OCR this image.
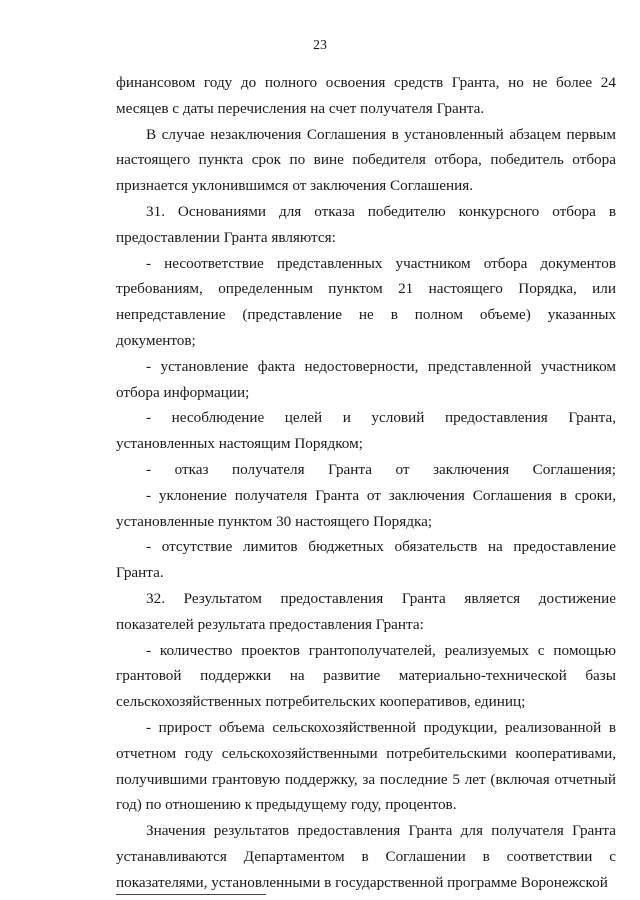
23

финансовом году до полного освоения средств Гранта, но не более 24 месяцев с даты перечисления на счет получателя Гранта.

В случае незаключения Соглашения в установленный абзацем первым настоящего пункта срок по вине победителя отбора, победитель отбора признается уклонившимся от заключения Соглашения.

31. Основаниями для отказа победителю конкурсного отбора в предоставлении Гранта являются:

- несоответствие представленных участником отбора документов требованиям, определенным пунктом 21 настоящего Порядка, или непредставление (представление не в полном объеме) указанных документов;

- установление факта недостоверности, представленной участником отбора информации;

- несоблюдение целей и условий предоставления Гранта, установленных настоящим Порядком;

- отказ получателя Гранта от заключения Соглашения;

- уклонение получателя Гранта от заключения Соглашения в сроки, установленные пунктом 30 настоящего Порядка;

- отсутствие лимитов бюджетных обязательств на предоставление Гранта.

32. Результатом предоставления Гранта является достижение показателей результата предоставления Гранта:

- количество проектов грантополучателей, реализуемых с помощью грантовой поддержки на развитие материально-технической базы сельскохозяйственных потребительских кооперативов, единиц;

- прирост объема сельскохозяйственной продукции, реализованной в отчетном году сельскохозяйственными потребительскими кооперативами, получившими грантовую поддержку, за последние 5 лет (включая отчетный год) по отношению к предыдущему году, процентов.

Значения результатов предоставления Гранта для получателя Гранта устанавливаются Департаментом в Соглашении в соответствии с показателями, установленными в государственной программе Воронежской
